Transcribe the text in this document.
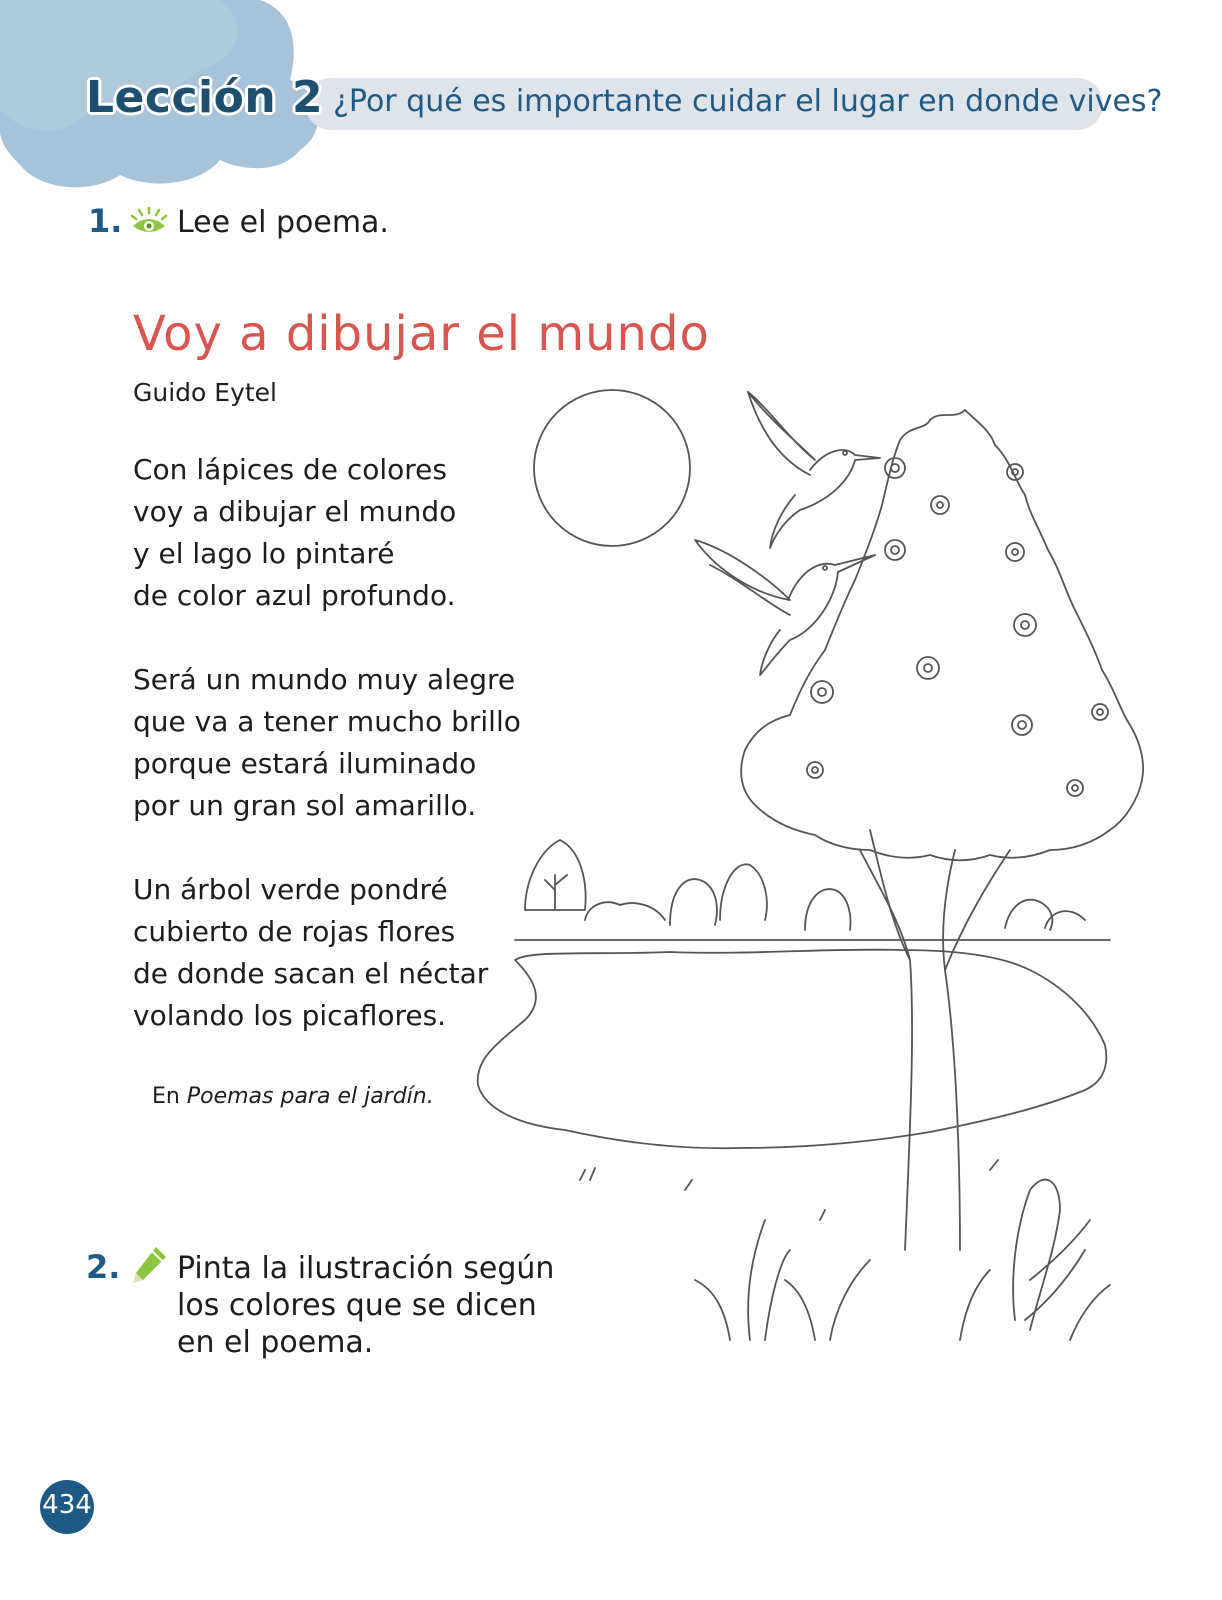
Lección 2 ¿Por qué es importante cuidar el lugar en donde vives?
1. Lee el poema.
Voy a dibujar el mundo
Guido Eytel
Con lápices de colores
voy a dibujar el mundo
y el lago lo pintaré
de color azul profundo.
Será un mundo muy alegre
que va a tener mucho brillo
porque estará iluminado
por un gran sol amarillo.
Un árbol verde pondré
cubierto de rojas flores
de donde sacan el néctar
volando los picaflores.
En Poemas para el jardín.
2. Pinta la ilustración según
los colores que se dicen
en el poema.
434
